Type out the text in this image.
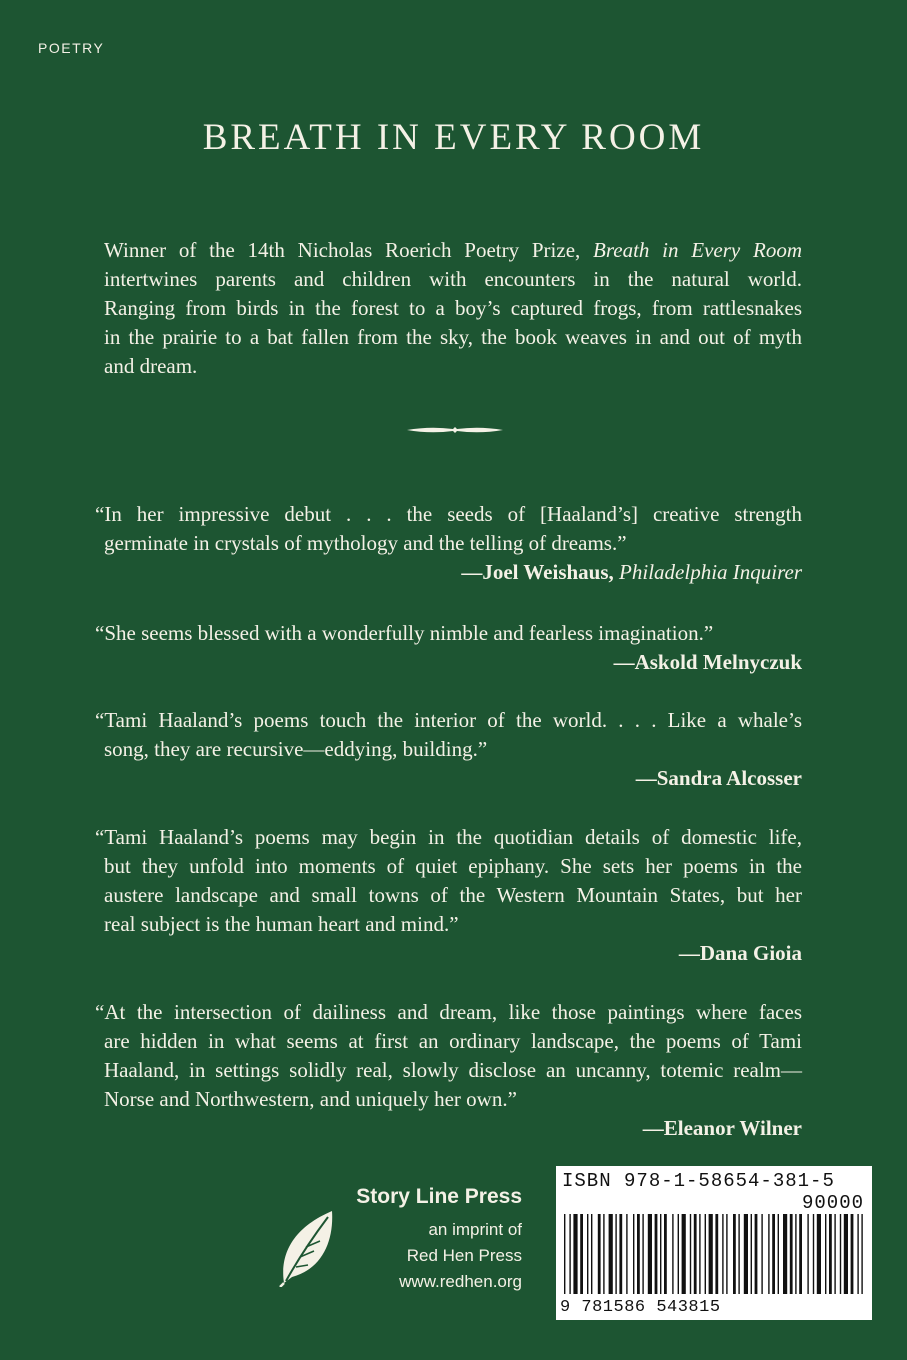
POETRY
BREATH IN EVERY ROOM

Winner of the 14th Nicholas Roerich Poetry Prize, Breath in Every Room
intertwines parents and children with encounters in the natural world.
Ranging from birds in the forest to a boy’s captured frogs, from rattlesnakes
in the prairie to a bat fallen from the sky, the book weaves in and out of myth
and dream.

“In her impressive debut . . . the seeds of [Haaland’s] creative strength
germinate in crystals of mythology and the telling of dreams.”
—Joel Weishaus, Philadelphia Inquirer
“She seems blessed with a wonderfully nimble and fearless imagination.”
—Askold Melnyczuk
“Tami Haaland’s poems touch the interior of the world. . . . Like a whale’s
song, they are recursive—eddying, building.”
—Sandra Alcosser
“Tami Haaland’s poems may begin in the quotidian details of domestic life,
but they unfold into moments of quiet epiphany. She sets her poems in the
austere landscape and small towns of the Western Mountain States, but her
real subject is the human heart and mind.”
—Dana Gioia
“At the intersection of dailiness and dream, like those paintings where faces
are hidden in what seems at first an ordinary landscape, the poems of Tami
Haaland, in settings solidly real, slowly disclose an uncanny, totemic realm—
Norse and Northwestern, and uniquely her own.”
—Eleanor Wilner
Story Line Press
an imprint of
Red Hen Press
www.redhen.org
ISBN 978-1-58654-381-5
90000
9 781586 543815
